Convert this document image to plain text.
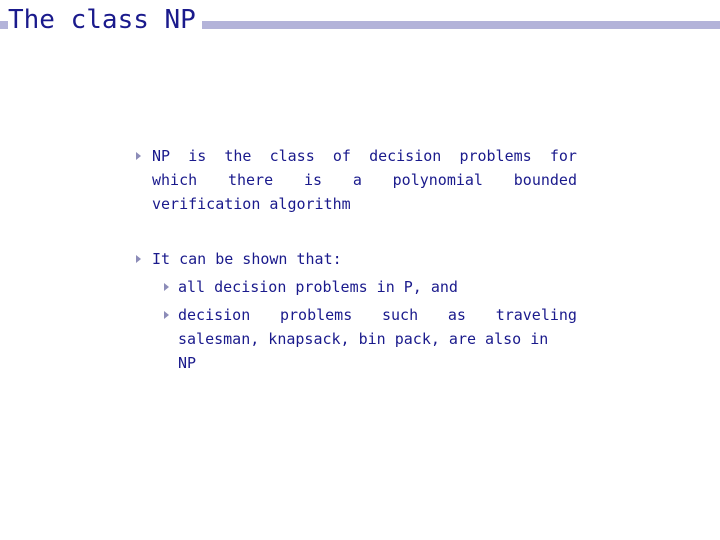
The class NP
NP is the class of decision problems for
which there is a polynomial bounded
verification algorithm
It can be shown that:
all decision problems in P, and
decision problems such as traveling
salesman, knapsack, bin pack, are also in
NP
